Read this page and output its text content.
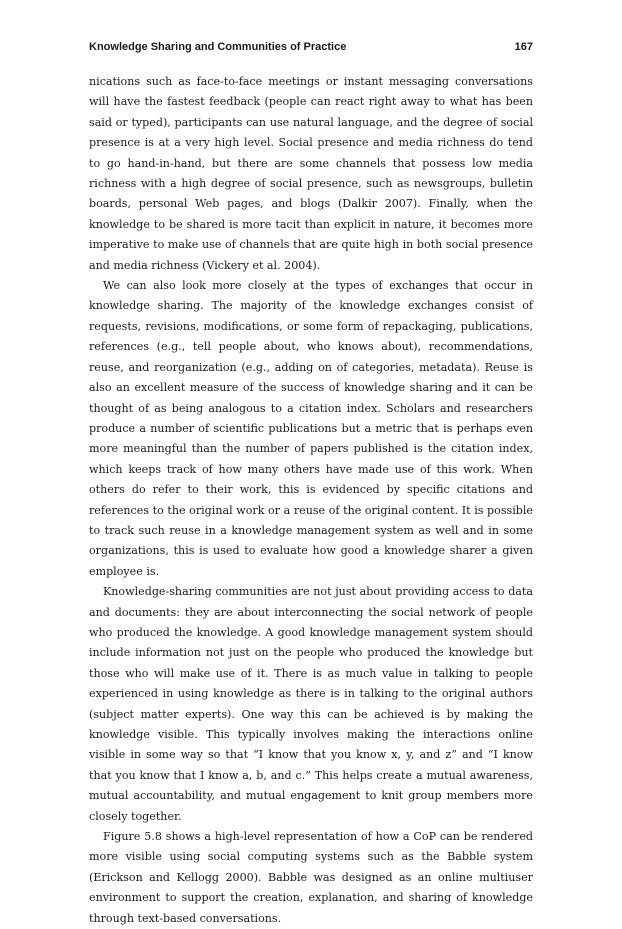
Knowledge Sharing and Communities of Practice	167

nications such as face-to-face meetings or instant messaging conversations will have the fastest feedback (people can react right away to what has been said or typed), participants can use natural language, and the degree of social presence is at a very high level. Social presence and media richness do tend to go hand-in-hand, but there are some channels that possess low media richness with a high degree of social presence, such as newsgroups, bulletin boards, personal Web pages, and blogs (Dalkir 2007). Finally, when the knowledge to be shared is more tacit than explicit in nature, it becomes more imperative to make use of channels that are quite high in both social presence and media richness (Vickery et al. 2004).

We can also look more closely at the types of exchanges that occur in knowledge sharing. The majority of the knowledge exchanges consist of requests, revisions, modifications, or some form of repackaging, publications, references (e.g., tell people about, who knows about), recommendations, reuse, and reorganization (e.g., adding on of categories, metadata). Reuse is also an excellent measure of the success of knowledge sharing and it can be thought of as being analogous to a citation index. Scholars and researchers produce a number of scientific publications but a metric that is perhaps even more meaningful than the number of papers published is the citation index, which keeps track of how many others have made use of this work. When others do refer to their work, this is evidenced by specific citations and references to the original work or a reuse of the original content. It is possible to track such reuse in a knowledge management system as well and in some organizations, this is used to evaluate how good a knowledge sharer a given employee is.

Knowledge-sharing communities are not just about providing access to data and documents: they are about interconnecting the social network of people who produced the knowledge. A good knowledge management system should include information not just on the people who produced the knowledge but those who will make use of it. There is as much value in talking to people experienced in using knowledge as there is in talking to the original authors (subject matter experts). One way this can be achieved is by making the knowledge visible. This typically involves making the interactions online visible in some way so that “I know that you know x, y, and z” and “I know that you know that I know a, b, and c.” This helps create a mutual awareness, mutual accountability, and mutual engagement to knit group members more closely together.

Figure 5.8 shows a high-level representation of how a CoP can be rendered more visible using social computing systems such as the Babble system (Erickson and Kellogg 2000). Babble was designed as an online multiuser environment to support the creation, explanation, and sharing of knowledge through text-based conversations.
